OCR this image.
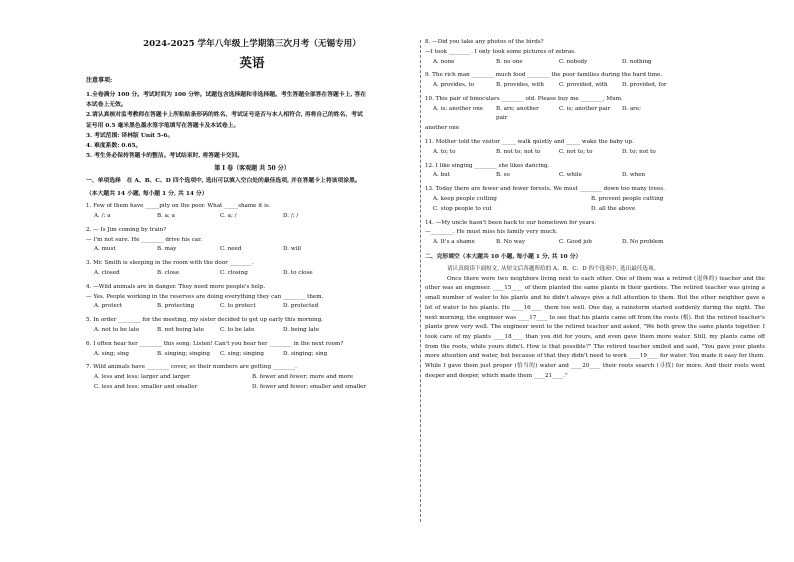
2024-2025 学年八年级上学期第三次月考（无锡专用）
英语
注意事项:

1.全卷满分 100 分。考试时间为 100 分钟。试题包含选择题和非选择题。考生答题全部答在答题卡上, 答在

本试卷上无效。

2.请认真核对监考教师在答题卡上所粘贴条形码的姓名、考试证号是否与本人相符合, 再将自己的姓名、考试

证号用 0.5 毫米黑色墨水签字笔填写在答题卡及本试卷上。

3. 考试范围: 译林版 Unit 5-6。

4. 难度系数: 0.65。

5. 考生务必保持答题卡的整洁。考试结束时, 将答题卡交回。

第 I 卷（客观题 共 50 分）

一、单项选择　在 A、B、C、D 四个选项中, 选出可以填入空白处的最佳选项, 并在答题卡上将该项涂黑。

（本大题共 14 小题, 每小题 1 分, 共 14 分）

1. Few of them have _____pity on the poor. What _____shame it is.

A. /; a	B. a; a	C. a; /	D. /; /

2. — Is Jim coming by train?

— I'm not sure. He ________ drive his car.

A. must	B. may	C. need	D. will

3. Mr. Smith is sleeping in the room with the door ________.

A. closed	B. close	C. closing	D. to close

4. —Wild animals are in danger. They need more people's help.

— Yes. People working in the reserves are doing everything they can ________ them.

A. protect	B. protecting	C. to protect	D. protected

5. In order ________ for the meeting, my sister decided to get up early this morning.

A. not to be late	B. not being late	C. to be late	D. being late

6. I often hear her ________ this song. Listen! Can't you hear her ________ in the next room?

A. sing; sing	B. singing; singing	C. sing; singing	D. singing; sing

7. Wild animals have ________ cover, so their numbers are getting ________.

A. less and less; larger and larger	B. fewer and fewer; more and more
C. less and less; smaller and smaller	D. fewer and fewer; smaller and smaller

8. —Did you take any photos of the birds?

—I took ________. I only took some pictures of zebras.

A. none	B. no one	C. nobody	D. nothing

9. The rich man ________ much food ________ the poor families during the hard time.

A. provides, to	B. provides, with	C. provided, with	D. provided, for

10. This pair of binoculars ________ old. Please buy me ________, Mum.

A. is; another one	B. are; another pair
C. is; another pair	D. are;

another one

11. Mother told the visitor _____ walk quietly and _____ wake the baby up.

A. to; to	B. not to; not to	C. not to; to	D. to; not to

12. I like singing ________ she likes dancing.

A. but	B. so	C. while	D. when

13. Today there are fewer and fewer forests. We must ________ down too many trees.

A. keep people cutting	B. prevent people cutting
C. stop people to cut	D. all the above

14. —My uncle hasn't been back to our hometown for years.

—________. He must miss his family very much.

A. It's a shame	B. No way	C. Good job	D. No problem

二、完形填空（本大题共 10 小题, 每小题 1 分, 共 10 分）

请认真阅读下面短文, 从短文后各题所给的 A、B、C、D 四个选项中, 选出最佳选项。

Once there were two neighbors living next to each other. One of them was a retired (退休的) teacher and the other was an engineer. ____15____ of them planted the same plants in their gardens. The retired teacher was giving a small number of water to his plants and he didn't always give a full attention to them. But the other neighbor gave a lot of water to his plants. He ____16____ them too well. One day, a rainstorm started suddenly during the night. The next morning, the engineer was ____17____ to see that his plants came off from the roots (根). But the retired teacher's plants grew very well. The engineer went to the retired teacher and asked, "We both grew the same plants together. I took care of my plants ____18____ than you did for yours, and even gave them more water. Still, my plants came off from the roots, while yours didn't. How is that possible?" The retired teacher smiled and said, "You gave your plants more attention and water, but because of that they didn't need to work ____19____ for water. You made it easy for them. While I gave them just proper (恰当的) water and ____20____ their roots search (寻找) for more. And their roots went deeper and deeper, which made them ____21____."
